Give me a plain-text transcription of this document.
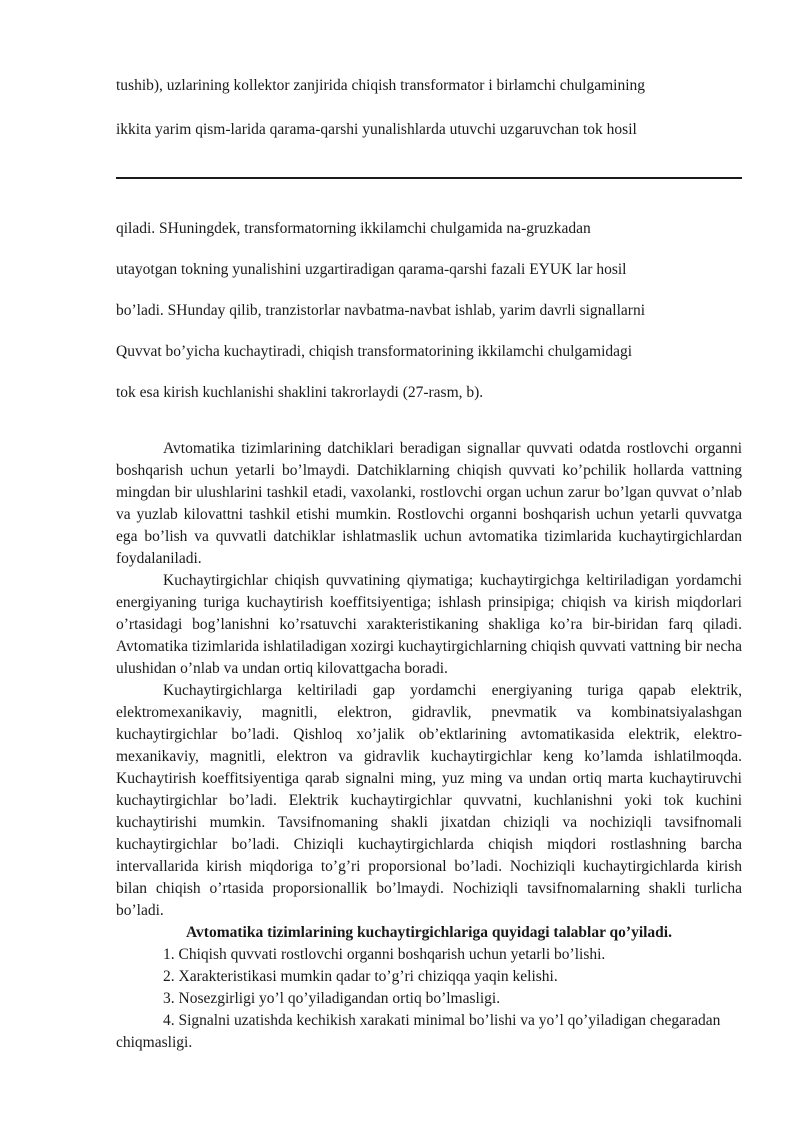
tushib), uzlarining kollektor zanjirida chiqish transformator i birlamchi chulgamining
ikkita yarim qism-larida qarama-qarshi yunalishlarda utuvchi uzgaruvchan tok hosil
qiladi. SHuningdek, transformatorning ikkilamchi chulgamida na-gruzkadan
utayotgan tokning yunalishini uzgartiradigan qarama-qarshi fazali EYUK lar hosil
bo’ladi. SHunday qilib, tranzistorlar navbatma-navbat ishlab, yarim davrli signallarni
Quvvat bo’yicha kuchaytiradi, chiqish transformatorining ikkilamchi chulgamidagi
tok esa kirish kuchlanishi shaklini takrorlaydi (27-rasm, b).

Avtomatika tizimlarining datchiklari beradigan signallar quvvati odatda rostlovchi organni boshqarish uchun yetarli bo’lmaydi. Datchiklarning chiqish quvvati ko’pchilik hollarda vattning mingdan bir ulushlarini tashkil etadi, vaxolanki, rostlovchi organ uchun zarur bo’lgan quvvat o’nlab va yuzlab kilovattni tashkil etishi mumkin. Rostlovchi organni boshqarish uchun yetarli quvvatga ega bo’lish va quvvatli datchiklar ishlatmaslik uchun avtomatika tizimlarida kuchaytirgichlardan foydalaniladi.

Kuchaytirgichlar chiqish quvvatining qiymatiga; kuchaytirgichga keltiriladigan yordamchi energiyaning turiga kuchaytirish koeffitsiyentiga; ishlash prinsipiga; chiqish va kirish miqdorlari o’rtasidagi bog’lanishni ko’rsatuvchi xarakteristikaning shakliga ko’ra bir-biridan farq qiladi. Avtomatika tizimlarida ishlatiladigan xozirgi kuchaytirgichlarning chiqish quvvati vattning bir necha ulushidan o’nlab va undan ortiq kilovattgacha boradi.

Kuchaytirgichlarga keltiriladi gap yordamchi energiyaning turiga qapab elektrik, elektromexanikaviy, magnitli, elektron, gidravlik, pnevmatik va kombinatsiyalashgan kuchaytirgichlar bo’ladi. Qishloq xo’jalik ob’ektlarining avtomatikasida elektrik, elektro-mexanikaviy, magnitli, elektron va gidravlik kuchaytirgichlar keng ko’lamda ishlatilmoqda. Kuchaytirish koeffitsiyentiga qarab signalni ming, yuz ming va undan ortiq marta kuchaytiruvchi kuchaytirgichlar bo’ladi. Elektrik kuchaytirgichlar quvvatni, kuchlanishni yoki tok kuchini kuchaytirishi mumkin. Tavsifnomaning shakli jixatdan chiziqli va nochiziqli tavsifnomali kuchaytirgichlar bo’ladi. Chiziqli kuchaytirgichlarda chiqish miqdori rostlashning barcha intervallarida kirish miqdoriga to’g’ri proporsional bo’ladi. Nochiziqli kuchaytirgichlarda kirish bilan chiqish o’rtasida proporsionallik bo’lmaydi. Nochiziqli tavsifnomalarning shakli turlicha bo’ladi.

Avtomatika tizimlarining kuchaytirgichlariga quyidagi talablar qo’yiladi.

1. Chiqish quvvati rostlovchi organni boshqarish uchun yetarli bo’lishi.

2. Xarakteristikasi mumkin qadar to’g’ri chiziqqa yaqin kelishi.

3. Nosezgirligi yo’l qo’yiladigandan ortiq bo’lmasligi.

4. Signalni uzatishda kechikish xarakati minimal bo’lishi va yo’l qo’yiladigan chegaradan chiqmasligi.
